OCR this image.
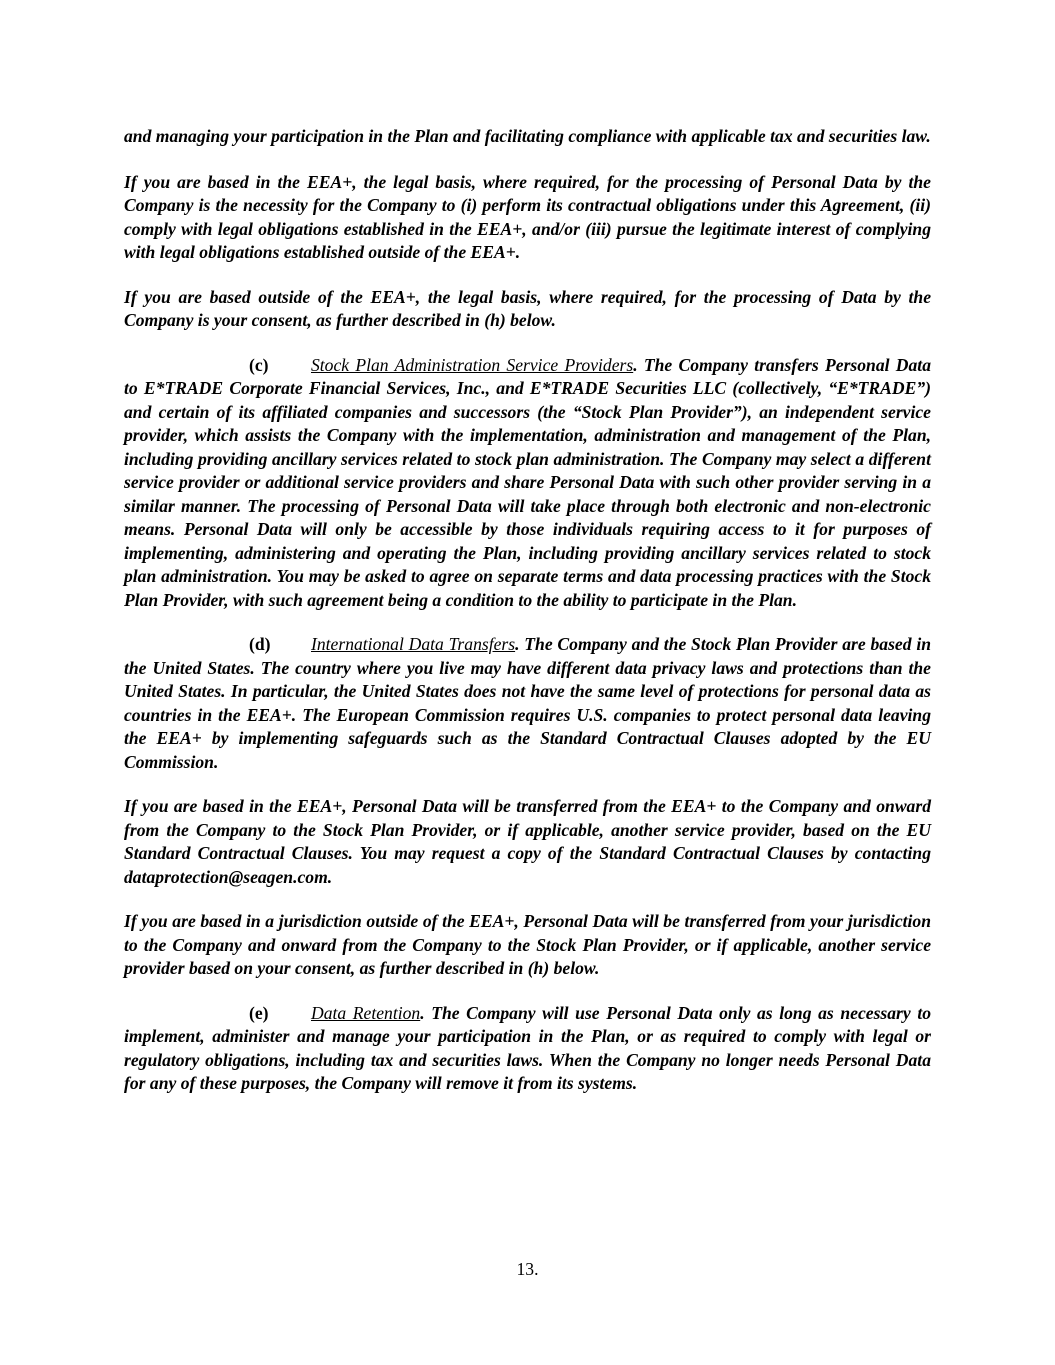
and managing your participation in the Plan and facilitating compliance with applicable tax and securities law.

If you are based in the EEA+, the legal basis, where required, for the processing of Personal Data by the Company is the necessity for the Company to (i) perform its contractual obligations under this Agreement, (ii) comply with legal obligations established in the EEA+, and/or (iii) pursue the legitimate interest of complying with legal obligations established outside of the EEA+.

If you are based outside of the EEA+, the legal basis, where required, for the processing of Data by the Company is your consent, as further described in (h) below.

(c) Stock Plan Administration Service Providers. The Company transfers Personal Data to E*TRADE Corporate Financial Services, Inc., and E*TRADE Securities LLC (collectively, “E*TRADE”) and certain of its affiliated companies and successors (the “Stock Plan Provider”), an independent service provider, which assists the Company with the implementation, administration and management of the Plan, including providing ancillary services related to stock plan administration. The Company may select a different service provider or additional service providers and share Personal Data with such other provider serving in a similar manner. The processing of Personal Data will take place through both electronic and non-electronic means. Personal Data will only be accessible by those individuals requiring access to it for purposes of implementing, administering and operating the Plan, including providing ancillary services related to stock plan administration. You may be asked to agree on separate terms and data processing practices with the Stock Plan Provider, with such agreement being a condition to the ability to participate in the Plan.

(d) International Data Transfers. The Company and the Stock Plan Provider are based in the United States. The country where you live may have different data privacy laws and protections than the United States. In particular, the United States does not have the same level of protections for personal data as countries in the EEA+. The European Commission requires U.S. companies to protect personal data leaving the EEA+ by implementing safeguards such as the Standard Contractual Clauses adopted by the EU Commission.

If you are based in the EEA+, Personal Data will be transferred from the EEA+ to the Company and onward from the Company to the Stock Plan Provider, or if applicable, another service provider, based on the EU Standard Contractual Clauses. You may request a copy of the Standard Contractual Clauses by contacting dataprotection@seagen.com.

If you are based in a jurisdiction outside of the EEA+, Personal Data will be transferred from your jurisdiction to the Company and onward from the Company to the Stock Plan Provider, or if applicable, another service provider based on your consent, as further described in (h) below.

(e) Data Retention. The Company will use Personal Data only as long as necessary to implement, administer and manage your participation in the Plan, or as required to comply with legal or regulatory obligations, including tax and securities laws. When the Company no longer needs Personal Data for any of these purposes, the Company will remove it from its systems.

13.
